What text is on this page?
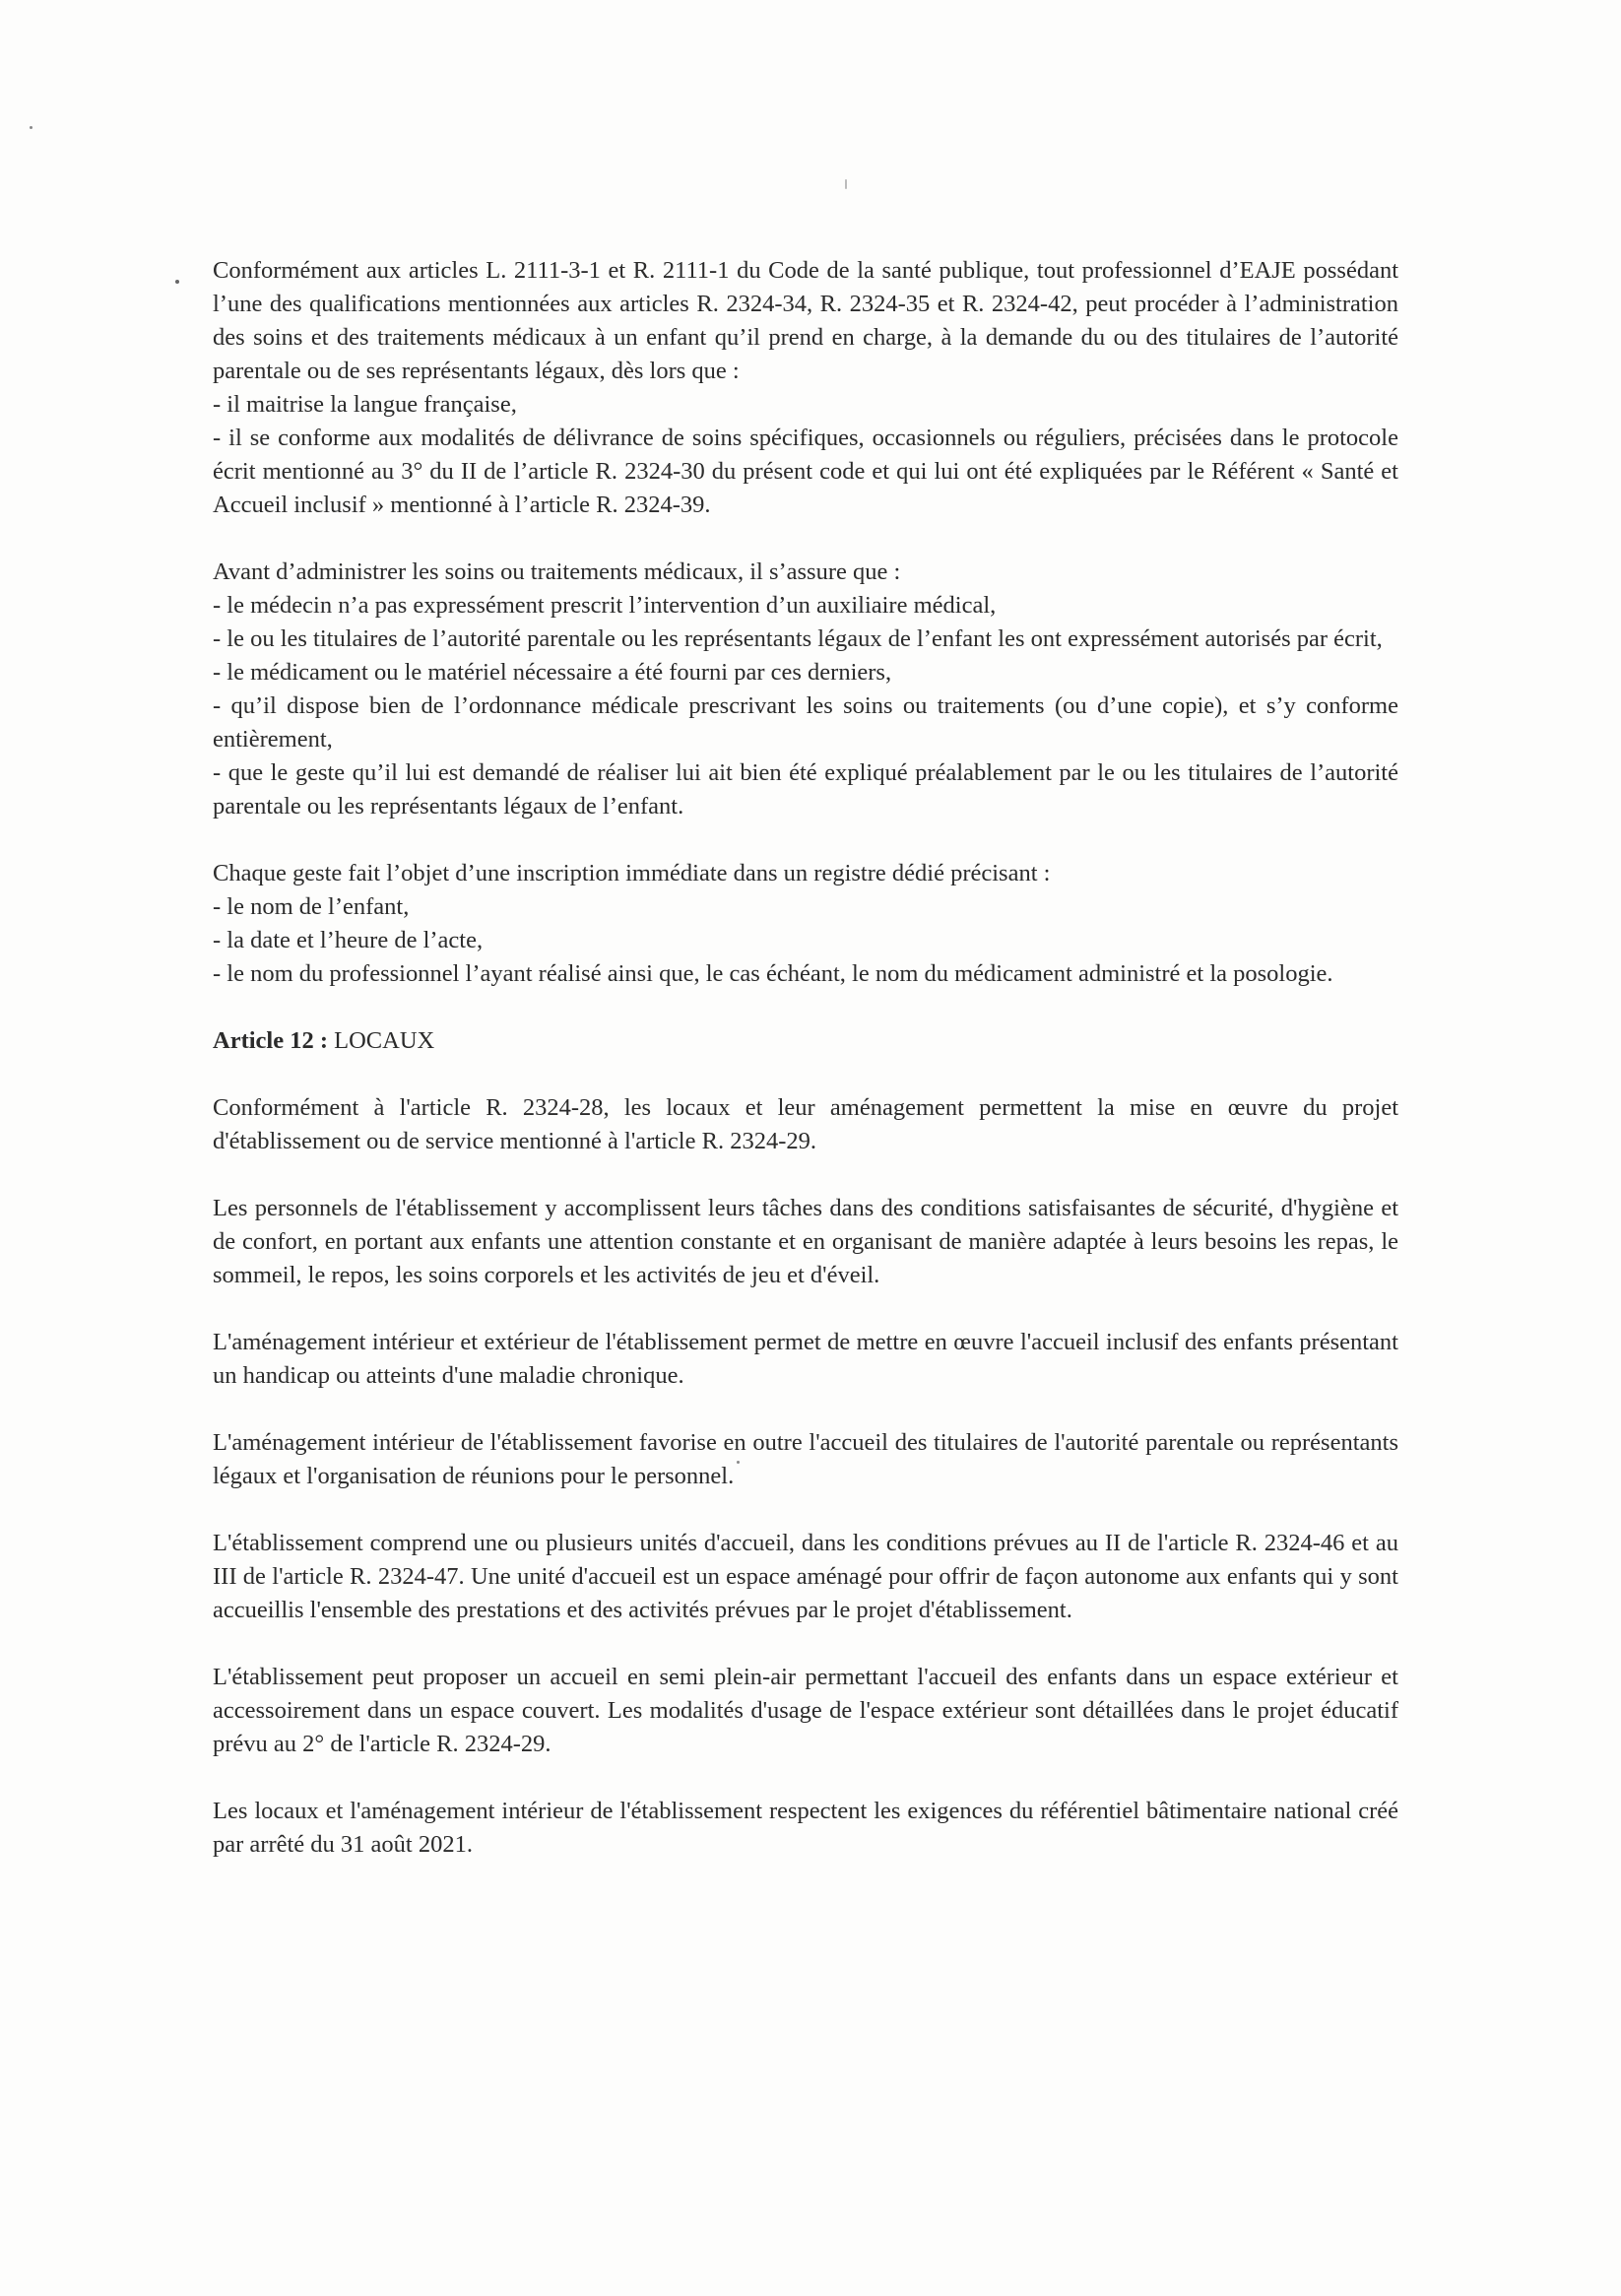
Conformément aux articles L. 2111-3-1 et R. 2111-1 du Code de la santé publique, tout professionnel d’EAJE possédant l’une des qualifications mentionnées aux articles R. 2324-34, R. 2324-35 et R. 2324-42, peut procéder à l’administration des soins et des traitements médicaux à un enfant qu’il prend en charge, à la demande du ou des titulaires de l’autorité parentale ou de ses représentants légaux, dès lors que :
- il maitrise la langue française,
- il se conforme aux modalités de délivrance de soins spécifiques, occasionnels ou réguliers, précisées dans le protocole écrit mentionné au 3° du II de l’article R. 2324-30 du présent code et qui lui ont été expliquées par le Référent « Santé et Accueil inclusif » mentionné à l’article R. 2324-39.
Avant d’administrer les soins ou traitements médicaux, il s’assure que :
- le médecin n’a pas expressément prescrit l’intervention d’un auxiliaire médical,
- le ou les titulaires de l’autorité parentale ou les représentants légaux de l’enfant les ont expressément autorisés par écrit,
- le médicament ou le matériel nécessaire a été fourni par ces derniers,
- qu’il dispose bien de l’ordonnance médicale prescrivant les soins ou traitements (ou d’une copie), et s’y conforme entièrement,
- que le geste qu’il lui est demandé de réaliser lui ait bien été expliqué préalablement par le ou les titulaires de l’autorité parentale ou les représentants légaux de l’enfant.
Chaque geste fait l’objet d’une inscription immédiate dans un registre dédié précisant :
- le nom de l’enfant,
- la date et l’heure de l’acte,
- le nom du professionnel l’ayant réalisé ainsi que, le cas échéant, le nom du médicament administré et la posologie.
Article 12 : LOCAUX

Conformément à l'article R. 2324-28, les locaux et leur aménagement permettent la mise en œuvre du projet d'établissement ou de service mentionné à l'article R. 2324-29.

Les personnels de l'établissement y accomplissent leurs tâches dans des conditions satisfaisantes de sécurité, d'hygiène et de confort, en portant aux enfants une attention constante et en organisant de manière adaptée à leurs besoins les repas, le sommeil, le repos, les soins corporels et les activités de jeu et d'éveil.

L'aménagement intérieur et extérieur de l'établissement permet de mettre en œuvre l'accueil inclusif des enfants présentant un handicap ou atteints d'une maladie chronique.

L'aménagement intérieur de l'établissement favorise en outre l'accueil des titulaires de l'autorité parentale ou représentants légaux et l'organisation de réunions pour le personnel.

L'établissement comprend une ou plusieurs unités d'accueil, dans les conditions prévues au II de l'article R. 2324-46 et au III de l'article R. 2324-47. Une unité d'accueil est un espace aménagé pour offrir de façon autonome aux enfants qui y sont accueillis l'ensemble des prestations et des activités prévues par le projet d'établissement.

L'établissement peut proposer un accueil en semi plein-air permettant l'accueil des enfants dans un espace extérieur et accessoirement dans un espace couvert. Les modalités d'usage de l'espace extérieur sont détaillées dans le projet éducatif prévu au 2° de l'article R. 2324-29.

Les locaux et l'aménagement intérieur de l'établissement respectent les exigences du référentiel bâtimentaire national créé par arrêté du 31 août 2021.
